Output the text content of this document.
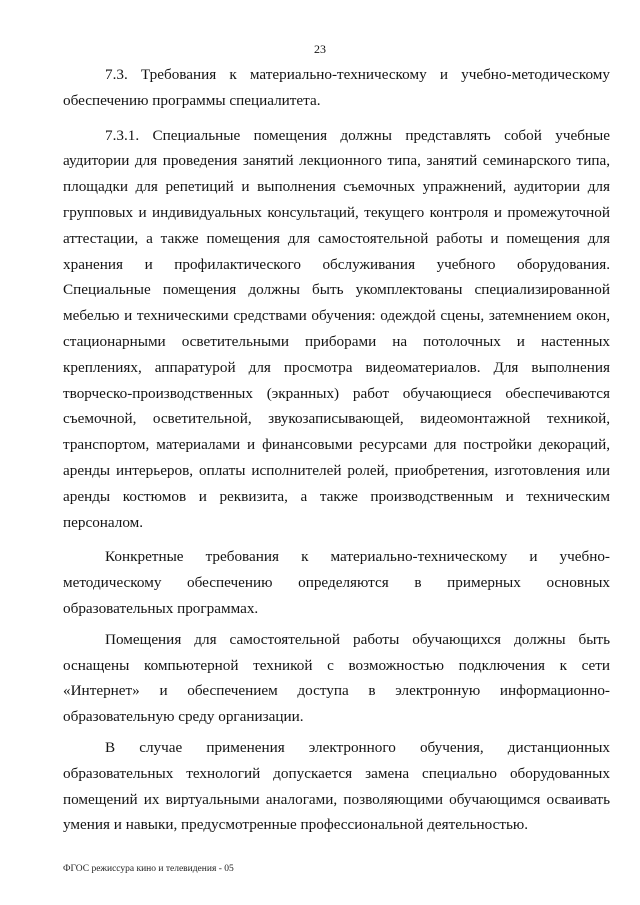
23

7.3. Требования к материально-техническому и учебно-методическому обеспечению программы специалитета.

7.3.1. Специальные помещения должны представлять собой учебные аудитории для проведения занятий лекционного типа, занятий семинарского типа, площадки для репетиций и выполнения съемочных упражнений, аудитории для групповых и индивидуальных консультаций, текущего контроля и промежуточной аттестации, а также помещения для самостоятельной работы и помещения для хранения и профилактического обслуживания учебного оборудования. Специальные помещения должны быть укомплектованы специализированной мебелью и техническими средствами обучения: одеждой сцены, затемнением окон, стационарными осветительными приборами на потолочных и настенных креплениях, аппаратурой для просмотра видеоматериалов. Для выполнения творческо-производственных (экранных) работ обучающиеся обеспечиваются съемочной, осветительной, звукозаписывающей, видеомонтажной техникой, транспортом, материалами и финансовыми ресурсами для постройки декораций, аренды интерьеров, оплаты исполнителей ролей, приобретения, изготовления или аренды костюмов и реквизита, а также производственным и техническим персоналом.

Конкретные требования к материально-техническому и учебно-методическому обеспечению определяются в примерных основных образовательных программах.

Помещения для самостоятельной работы обучающихся должны быть оснащены компьютерной техникой с возможностью подключения к сети «Интернет» и обеспечением доступа в электронную информационно-образовательную среду организации.

В случае применения электронного обучения, дистанционных образовательных технологий допускается замена специально оборудованных помещений их виртуальными аналогами, позволяющими обучающимся осваивать умения и навыки, предусмотренные профессиональной деятельностью.

ФГОС режиссура кино и телевидения - 05
